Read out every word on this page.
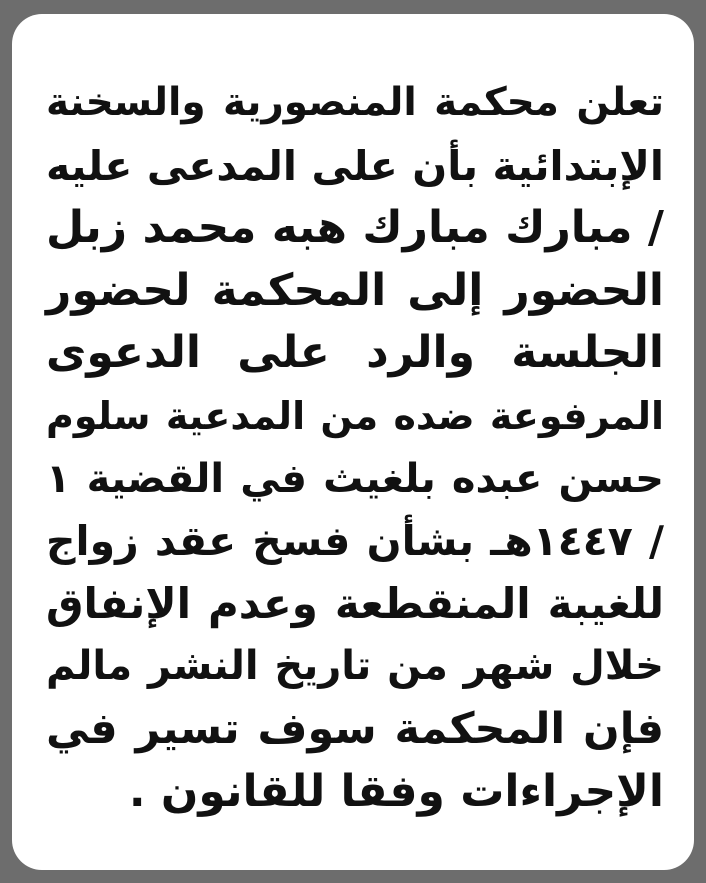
تعلن محكمة المنصورية والسخنة
الإبتدائية بأن على المدعى عليه
/ مبارك مبارك هبه محمد زبل
الحضور إلى المحكمة لحضور
الجلسة والرد على الدعوى
المرفوعة ضده من المدعية سلوم
حسن عبده بلغيث في القضية ١
/ ١٤٤٧هـ بشأن فسخ عقد زواج
للغيبة المنقطعة وعدم الإنفاق
خلال شهر من تاريخ النشر مالم
فإن المحكمة سوف تسير في
الإجراءات وفقا للقانون .
